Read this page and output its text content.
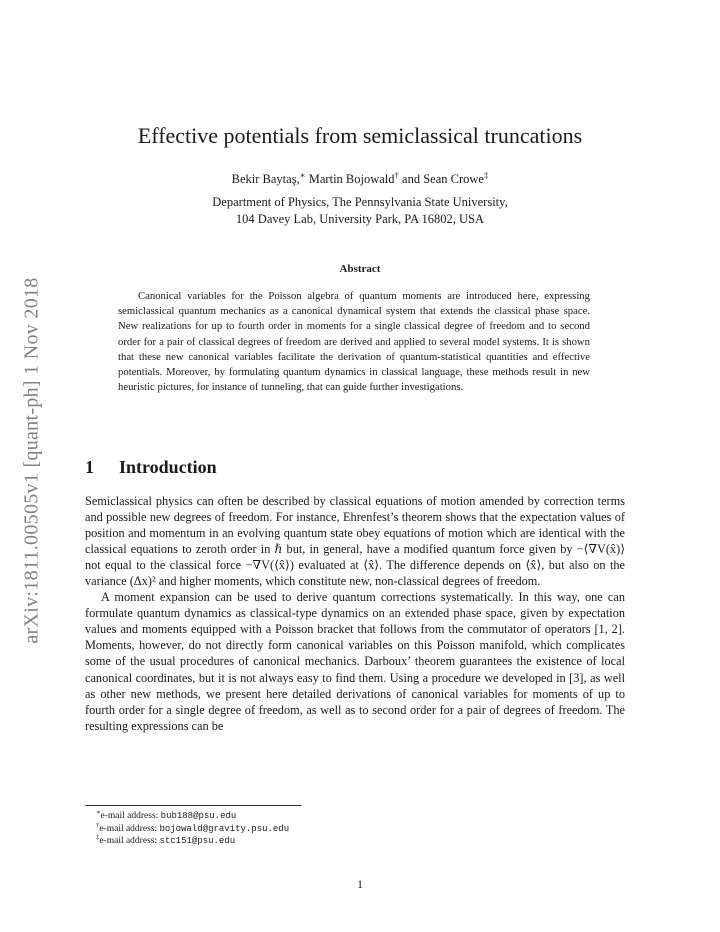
arXiv:1811.00505v1 [quant-ph] 1 Nov 2018
Effective potentials from semiclassical truncations
Bekir Baytaş,∗ Martin Bojowald† and Sean Crowe‡
Department of Physics, The Pennsylvania State University,
104 Davey Lab, University Park, PA 16802, USA
Abstract

Canonical variables for the Poisson algebra of quantum moments are introduced here, expressing semiclassical quantum mechanics as a canonical dynamical system that extends the classical phase space. New realizations for up to fourth order in moments for a single classical degree of freedom and to second order for a pair of classical degrees of freedom are derived and applied to several model systems. It is shown that these new canonical variables facilitate the derivation of quantum-statistical quantities and effective potentials. Moreover, by formulating quantum dynamics in classical language, these methods result in new heuristic pictures, for instance of tunneling, that can guide further investigations.

1 Introduction

Semiclassical physics can often be described by classical equations of motion amended by correction terms and possible new degrees of freedom. For instance, Ehrenfest’s theorem shows that the expectation values of position and momentum in an evolving quantum state obey equations of motion which are identical with the classical equations to zeroth order in ℏ but, in general, have a modified quantum force given by −⟨∇V(x̂)⟩ not equal to the classical force −∇V(⟨x̂⟩) evaluated at ⟨x̂⟩. The difference depends on ⟨x̂⟩, but also on the variance (Δx)² and higher moments, which constitute new, non-classical degrees of freedom.

A moment expansion can be used to derive quantum corrections systematically. In this way, one can formulate quantum dynamics as classical-type dynamics on an extended phase space, given by expectation values and moments equipped with a Poisson bracket that follows from the commutator of operators [1, 2]. Moments, however, do not directly form canonical variables on this Poisson manifold, which complicates some of the usual procedures of canonical mechanics. Darboux’ theorem guarantees the existence of local canonical coordinates, but it is not always easy to find them. Using a procedure we developed in [3], as well as other new methods, we present here detailed derivations of canonical variables for moments of up to fourth order for a single degree of freedom, as well as to second order for a pair of degrees of freedom. The resulting expressions can be

∗e-mail address: bub188@psu.edu
†e-mail address: bojowald@gravity.psu.edu
‡e-mail address: stc151@psu.edu
1
